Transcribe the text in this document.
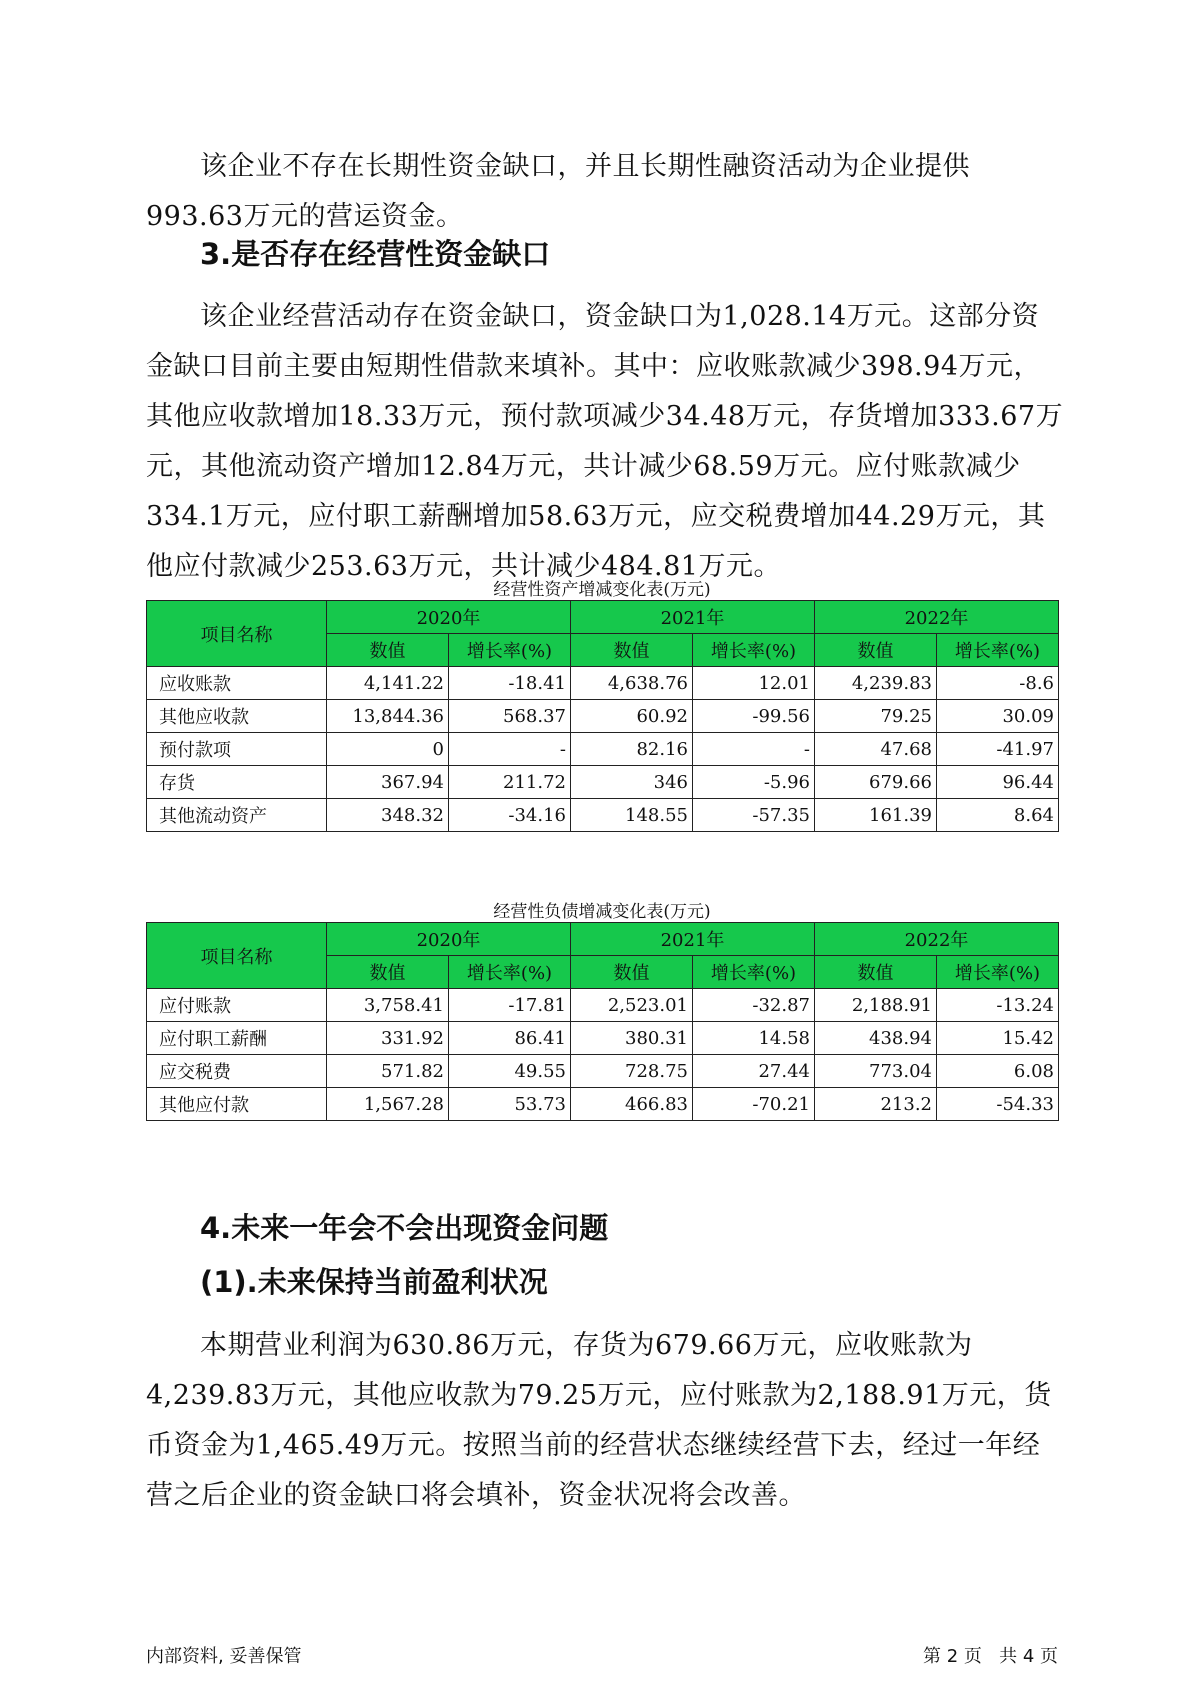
该企业不存在长期性资金缺口，并且长期性融资活动为企业提供993.63万元的营运资金。

3.是否存在经营性资金缺口

该企业经营活动存在资金缺口，资金缺口为1,028.14万元。这部分资金缺口目前主要由短期性借款来填补。其中：应收账款减少398.94万元，其他应收款增加18.33万元，预付款项减少34.48万元，存货增加333.67万元，其他流动资产增加12.84万元，共计减少68.59万元。应付账款减少334.1万元，应付职工薪酬增加58.63万元，应交税费增加44.29万元，其他应付款减少253.63万元，共计减少484.81万元。

经营性资产增减变化表(万元)
项目名称	2020年		2021年		2022年	
	数值	增长率(%)	数值	增长率(%)	数值	增长率(%)
应收账款	4,141.22	-18.41	4,638.76	12.01	4,239.83	-8.6
其他应收款	13,844.36	568.37	60.92	-99.56	79.25	30.09
预付款项	0	-	82.16	-	47.68	-41.97
存货	367.94	211.72	346	-5.96	679.66	96.44
其他流动资产	348.32	-34.16	148.55	-57.35	161.39	8.64
经营性负债增减变化表(万元)
项目名称	2020年		2021年		2022年	
	数值	增长率(%)	数值	增长率(%)	数值	增长率(%)
应付账款	3,758.41	-17.81	2,523.01	-32.87	2,188.91	-13.24
应付职工薪酬	331.92	86.41	380.31	14.58	438.94	15.42
应交税费	571.82	49.55	728.75	27.44	773.04	6.08
其他应付款	1,567.28	53.73	466.83	-70.21	213.2	-54.33
4.未来一年会不会出现资金问题
(1).未来保持当前盈利状况

本期营业利润为630.86万元，存货为679.66万元，应收账款为4,239.83万元，其他应收款为79.25万元，应付账款为2,188.91万元，货币资金为1,465.49万元。按照当前的经营状态继续经营下去，经过一年经营之后企业的资金缺口将会填补，资金状况将会改善。

内部资料, 妥善保管	第 2 页   共 4 页
